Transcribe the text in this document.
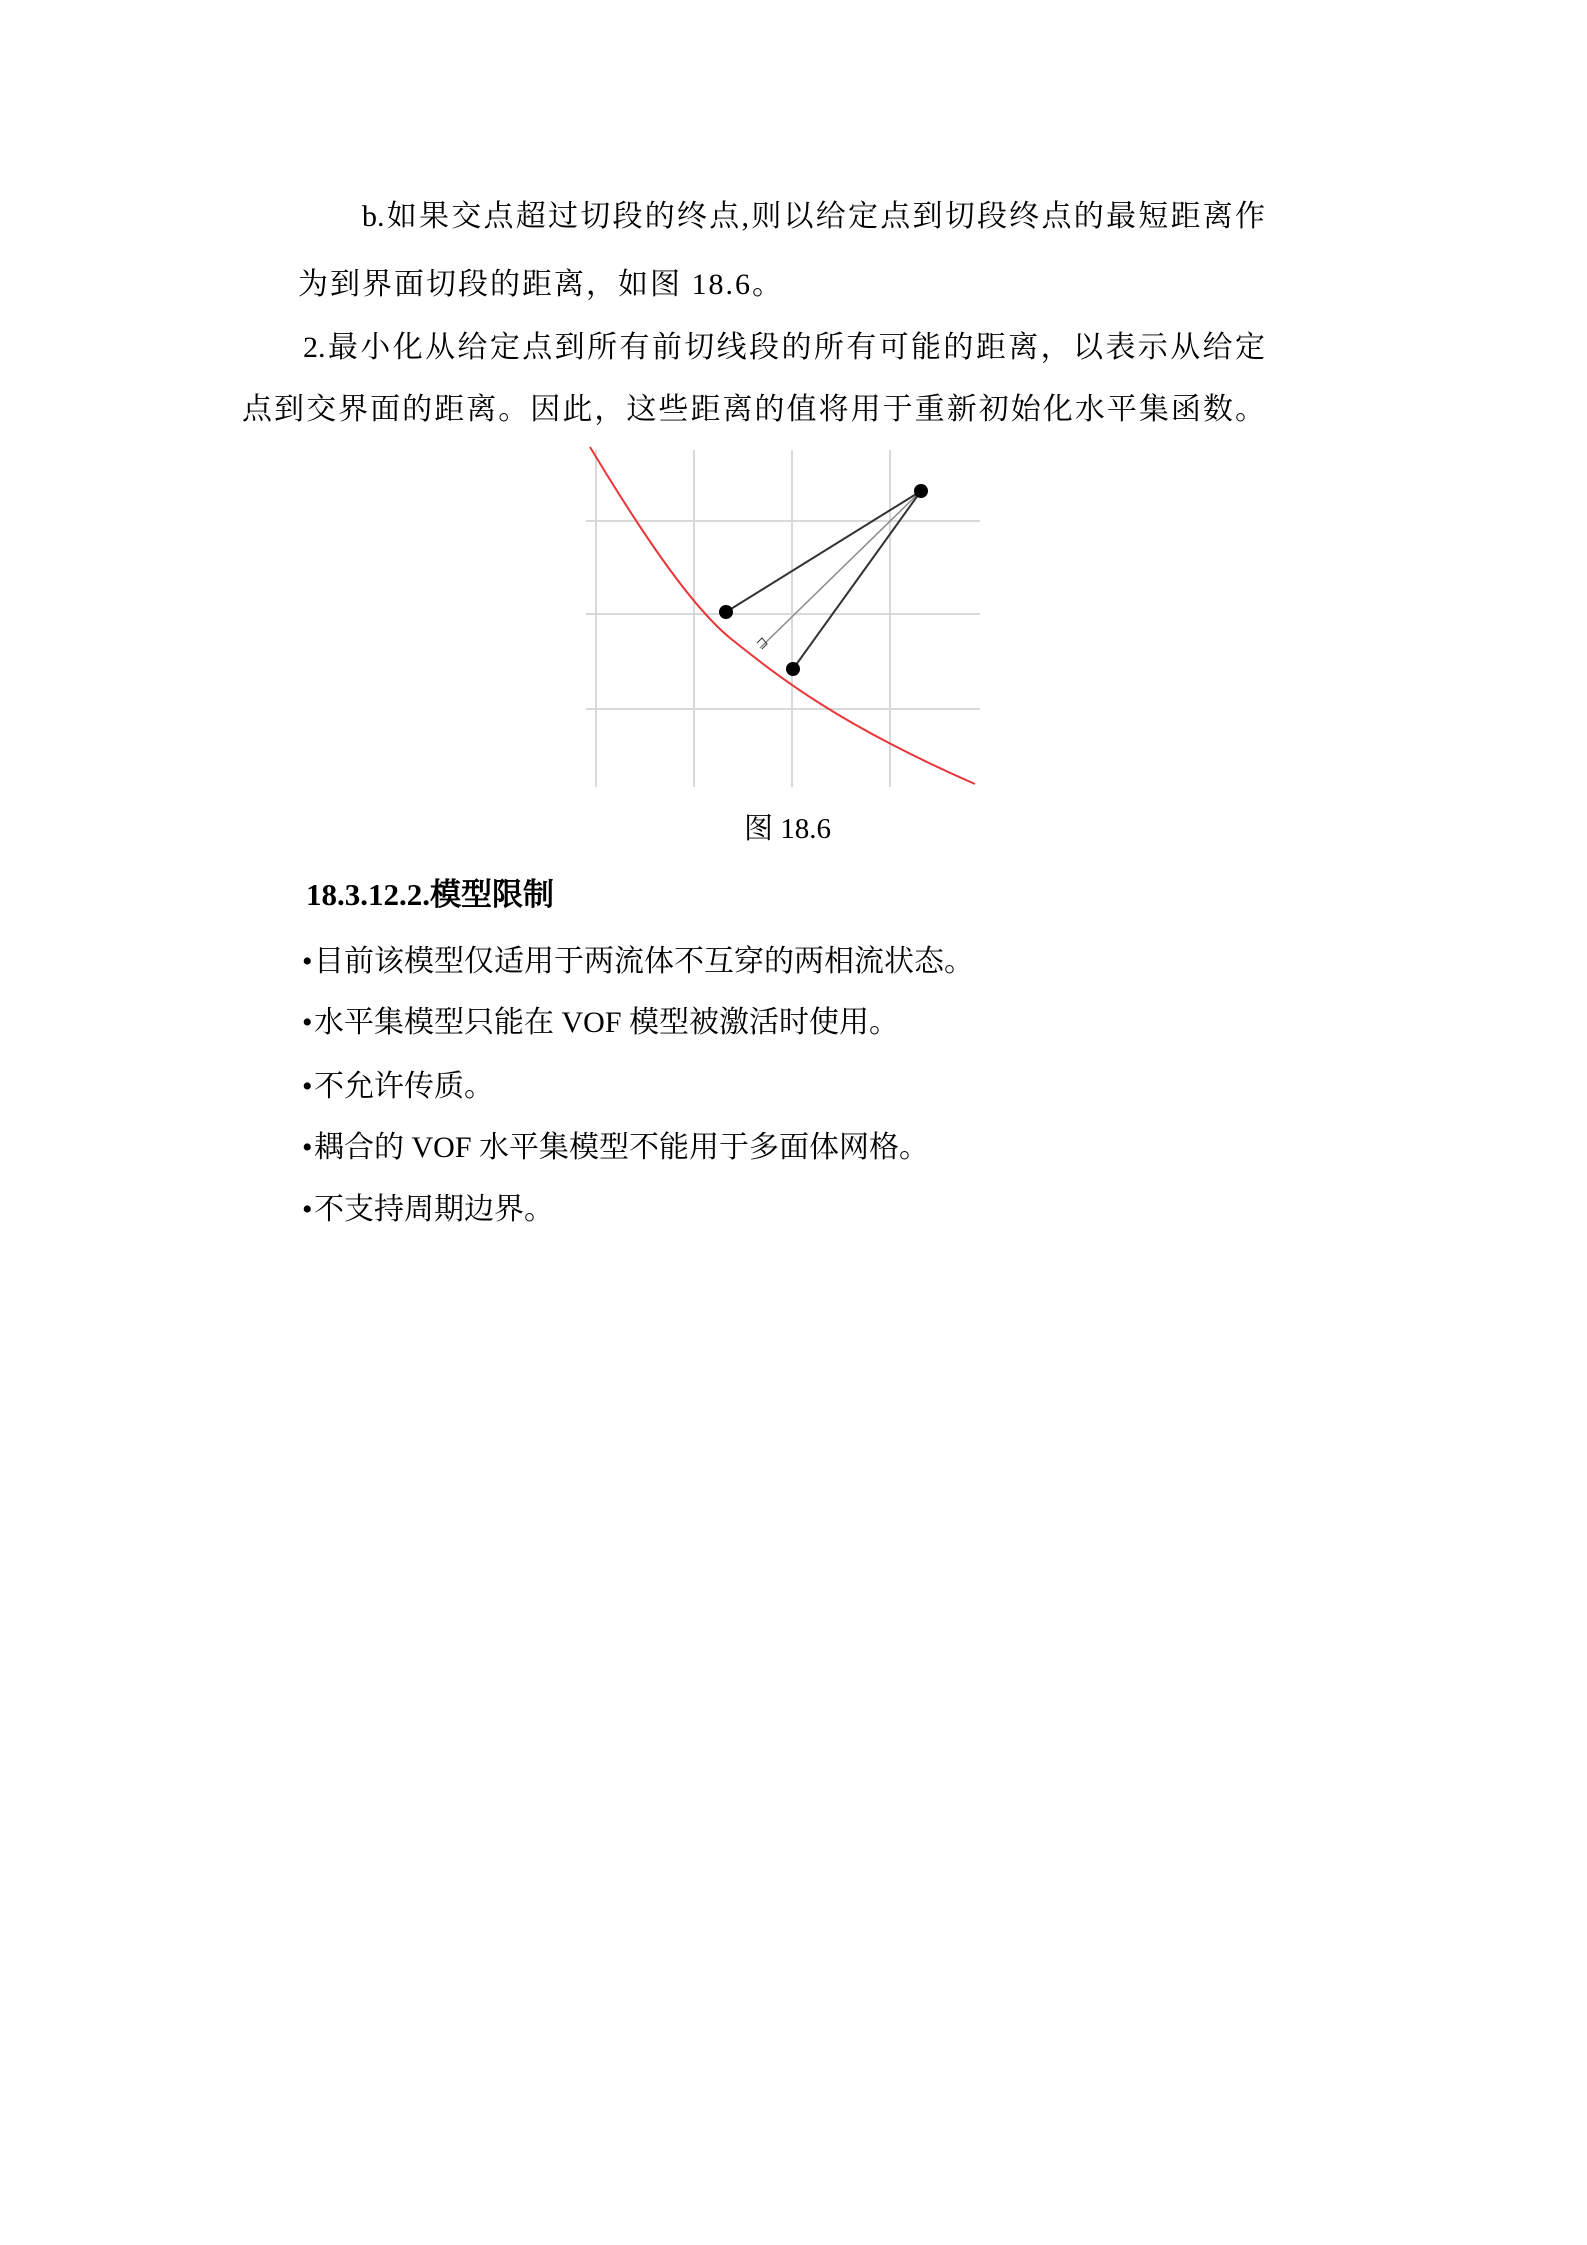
b.如果交点超过切段的终点,则以给定点到切段终点的最短距离作
为到界面切段的距离，如图 18.6。
2.最小化从给定点到所有前切线段的所有可能的距离，以表示从给定
点到交界面的距离。因此，这些距离的值将用于重新初始化水平集函数。
图 18.6
18.3.12.2.模型限制
•目前该模型仅适用于两流体不互穿的两相流状态。
•水平集模型只能在 VOF 模型被激活时使用。
•不允许传质。
•耦合的 VOF 水平集模型不能用于多面体网格。
•不支持周期边界。
